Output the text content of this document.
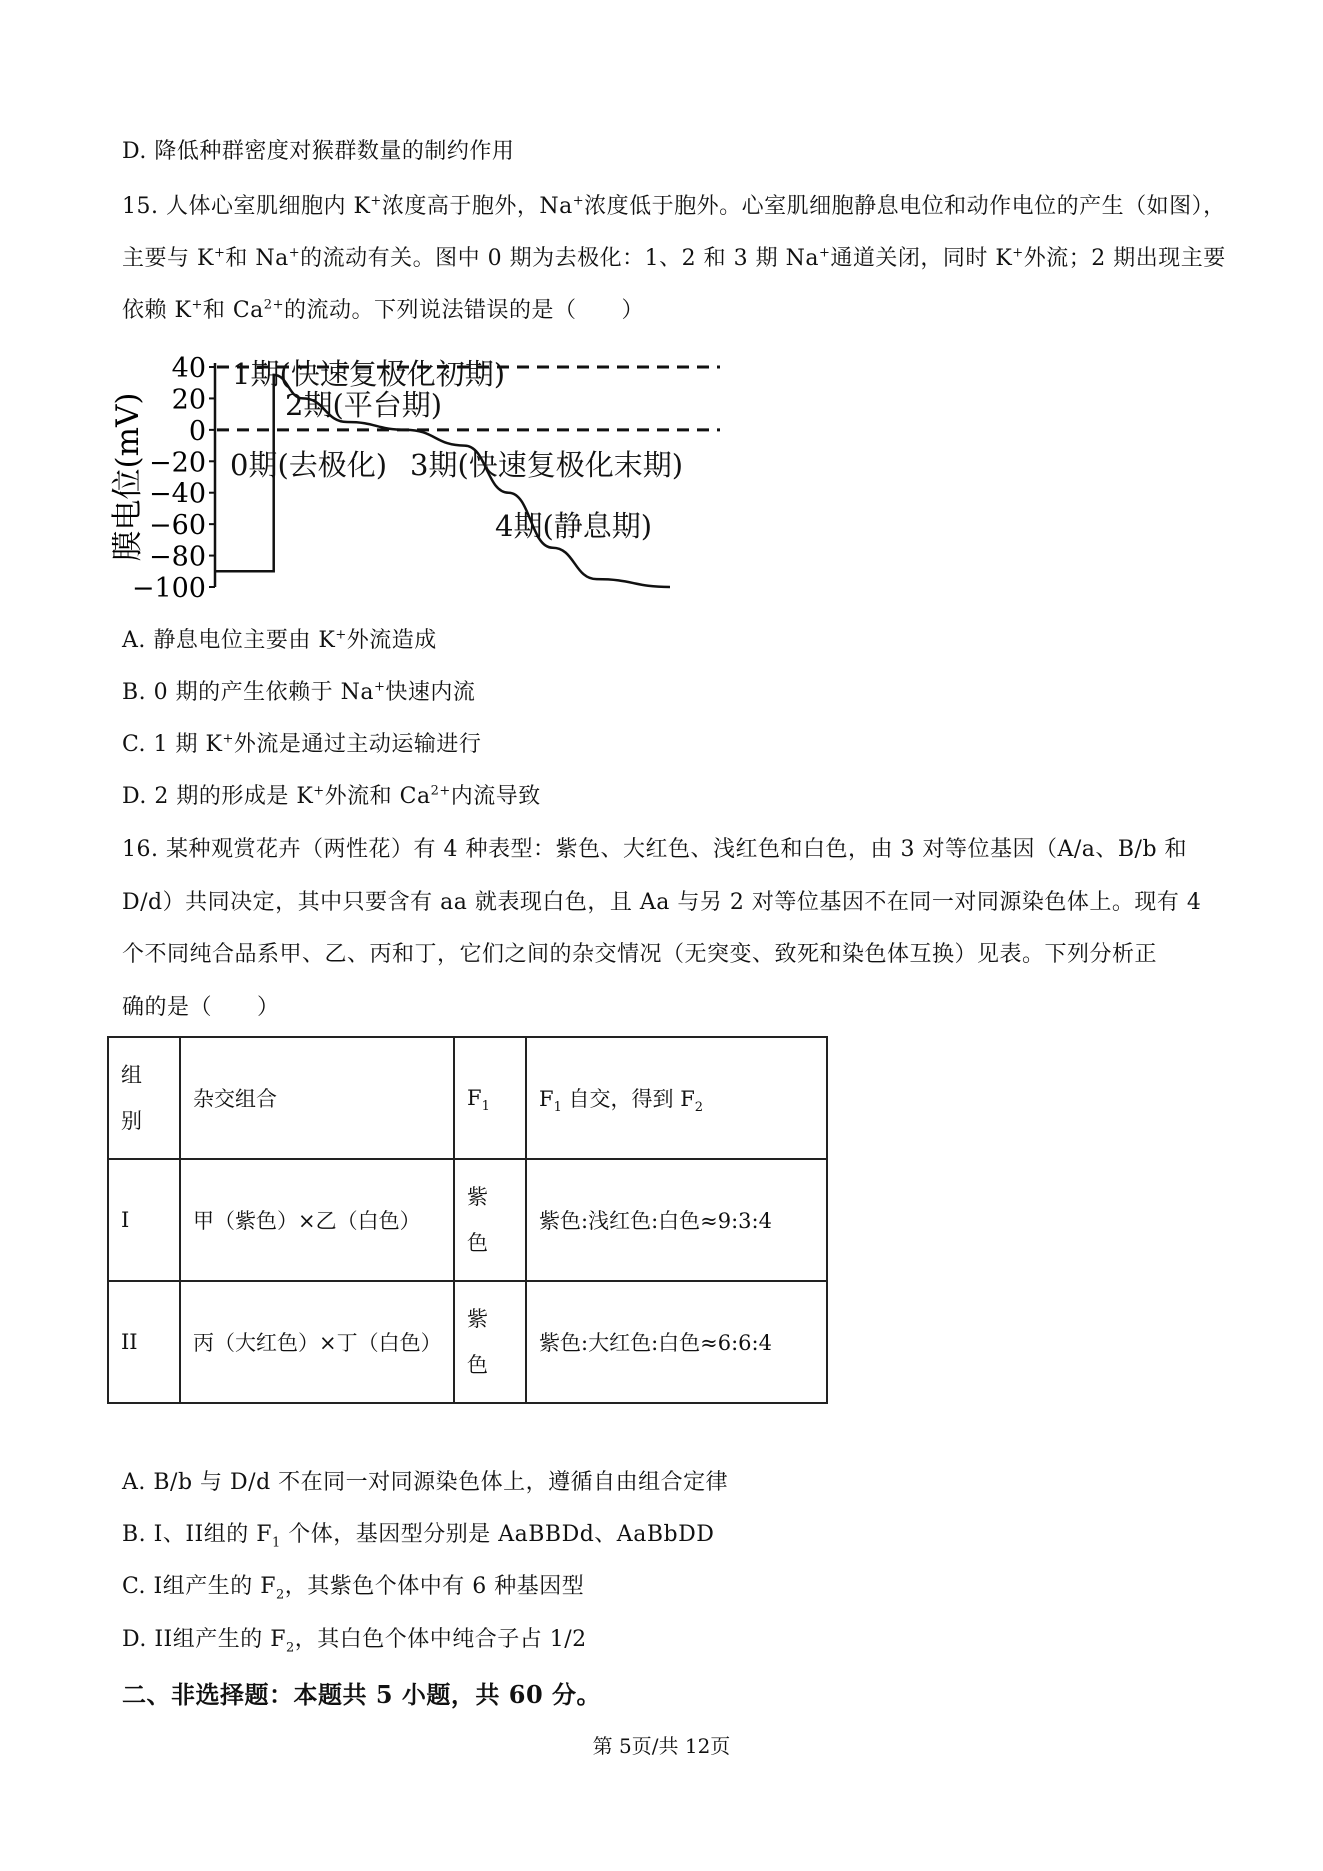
D. 降低种群密度对猴群数量的制约作用
15. 人体心室肌细胞内 K+浓度高于胞外，Na+浓度低于胞外。心室肌细胞静息电位和动作电位的产生（如图），
主要与 K+和 Na+的流动有关。图中 0 期为去极化：1、2 和 3 期 Na+通道关闭，同时 K+外流；2 期出现主要
依赖 K+和 $Ca^{2+}$的流动。下列说法错误的是（　　）
40
20
0
−20
−40
−60
−80
−100
膜电位(mV)
1期(快速复极化初期)
2期(平台期)
0期(去极化) 3期(快速复极化末期)
4期(静息期)
A. 静息电位主要由 K+外流造成
B. 0 期的产生依赖于 Na+快速内流
C. 1 期 K+外流是通过主动运输进行
D. 2 期的形成是 K+外流和 $Ca^{2+}$内流导致
16. 某种观赏花卉（两性花）有 4 种表型：紫色、大红色、浅红色和白色，由 3 对等位基因（A/a、B/b 和
D/d）共同决定，其中只要含有 aa 就表现白色，且 Aa 与另 2 对等位基因不在同一对同源染色体上。现有 4
个不同纯合品系甲、乙、丙和丁，它们之间的杂交情况（无突变、致死和染色体互换）见表。下列分析正
确的是（　　）
组别	杂交组合	$F_1$	$F_1$ 自交，得到 $F_2$
I	甲（紫色）×乙（白色）	紫色	紫色:浅红色:白色≈9:3:4
II	丙（大红色）×丁（白色）	紫色	紫色:大红色:白色≈6:6:4
A. B/b 与 D/d 不在同一对同源染色体上，遵循自由组合定律
B. I、II组的 $F_1$ 个体，基因型分别是 AaBBDd、AaBbDD
C. I组产生的 $F_2$，其紫色个体中有 6 种基因型
D. II组产生的 $F_2$，其白色个体中纯合子占 1/2
二、非选择题：本题共 5 小题，共 60 分。
第 5页/共 12页
